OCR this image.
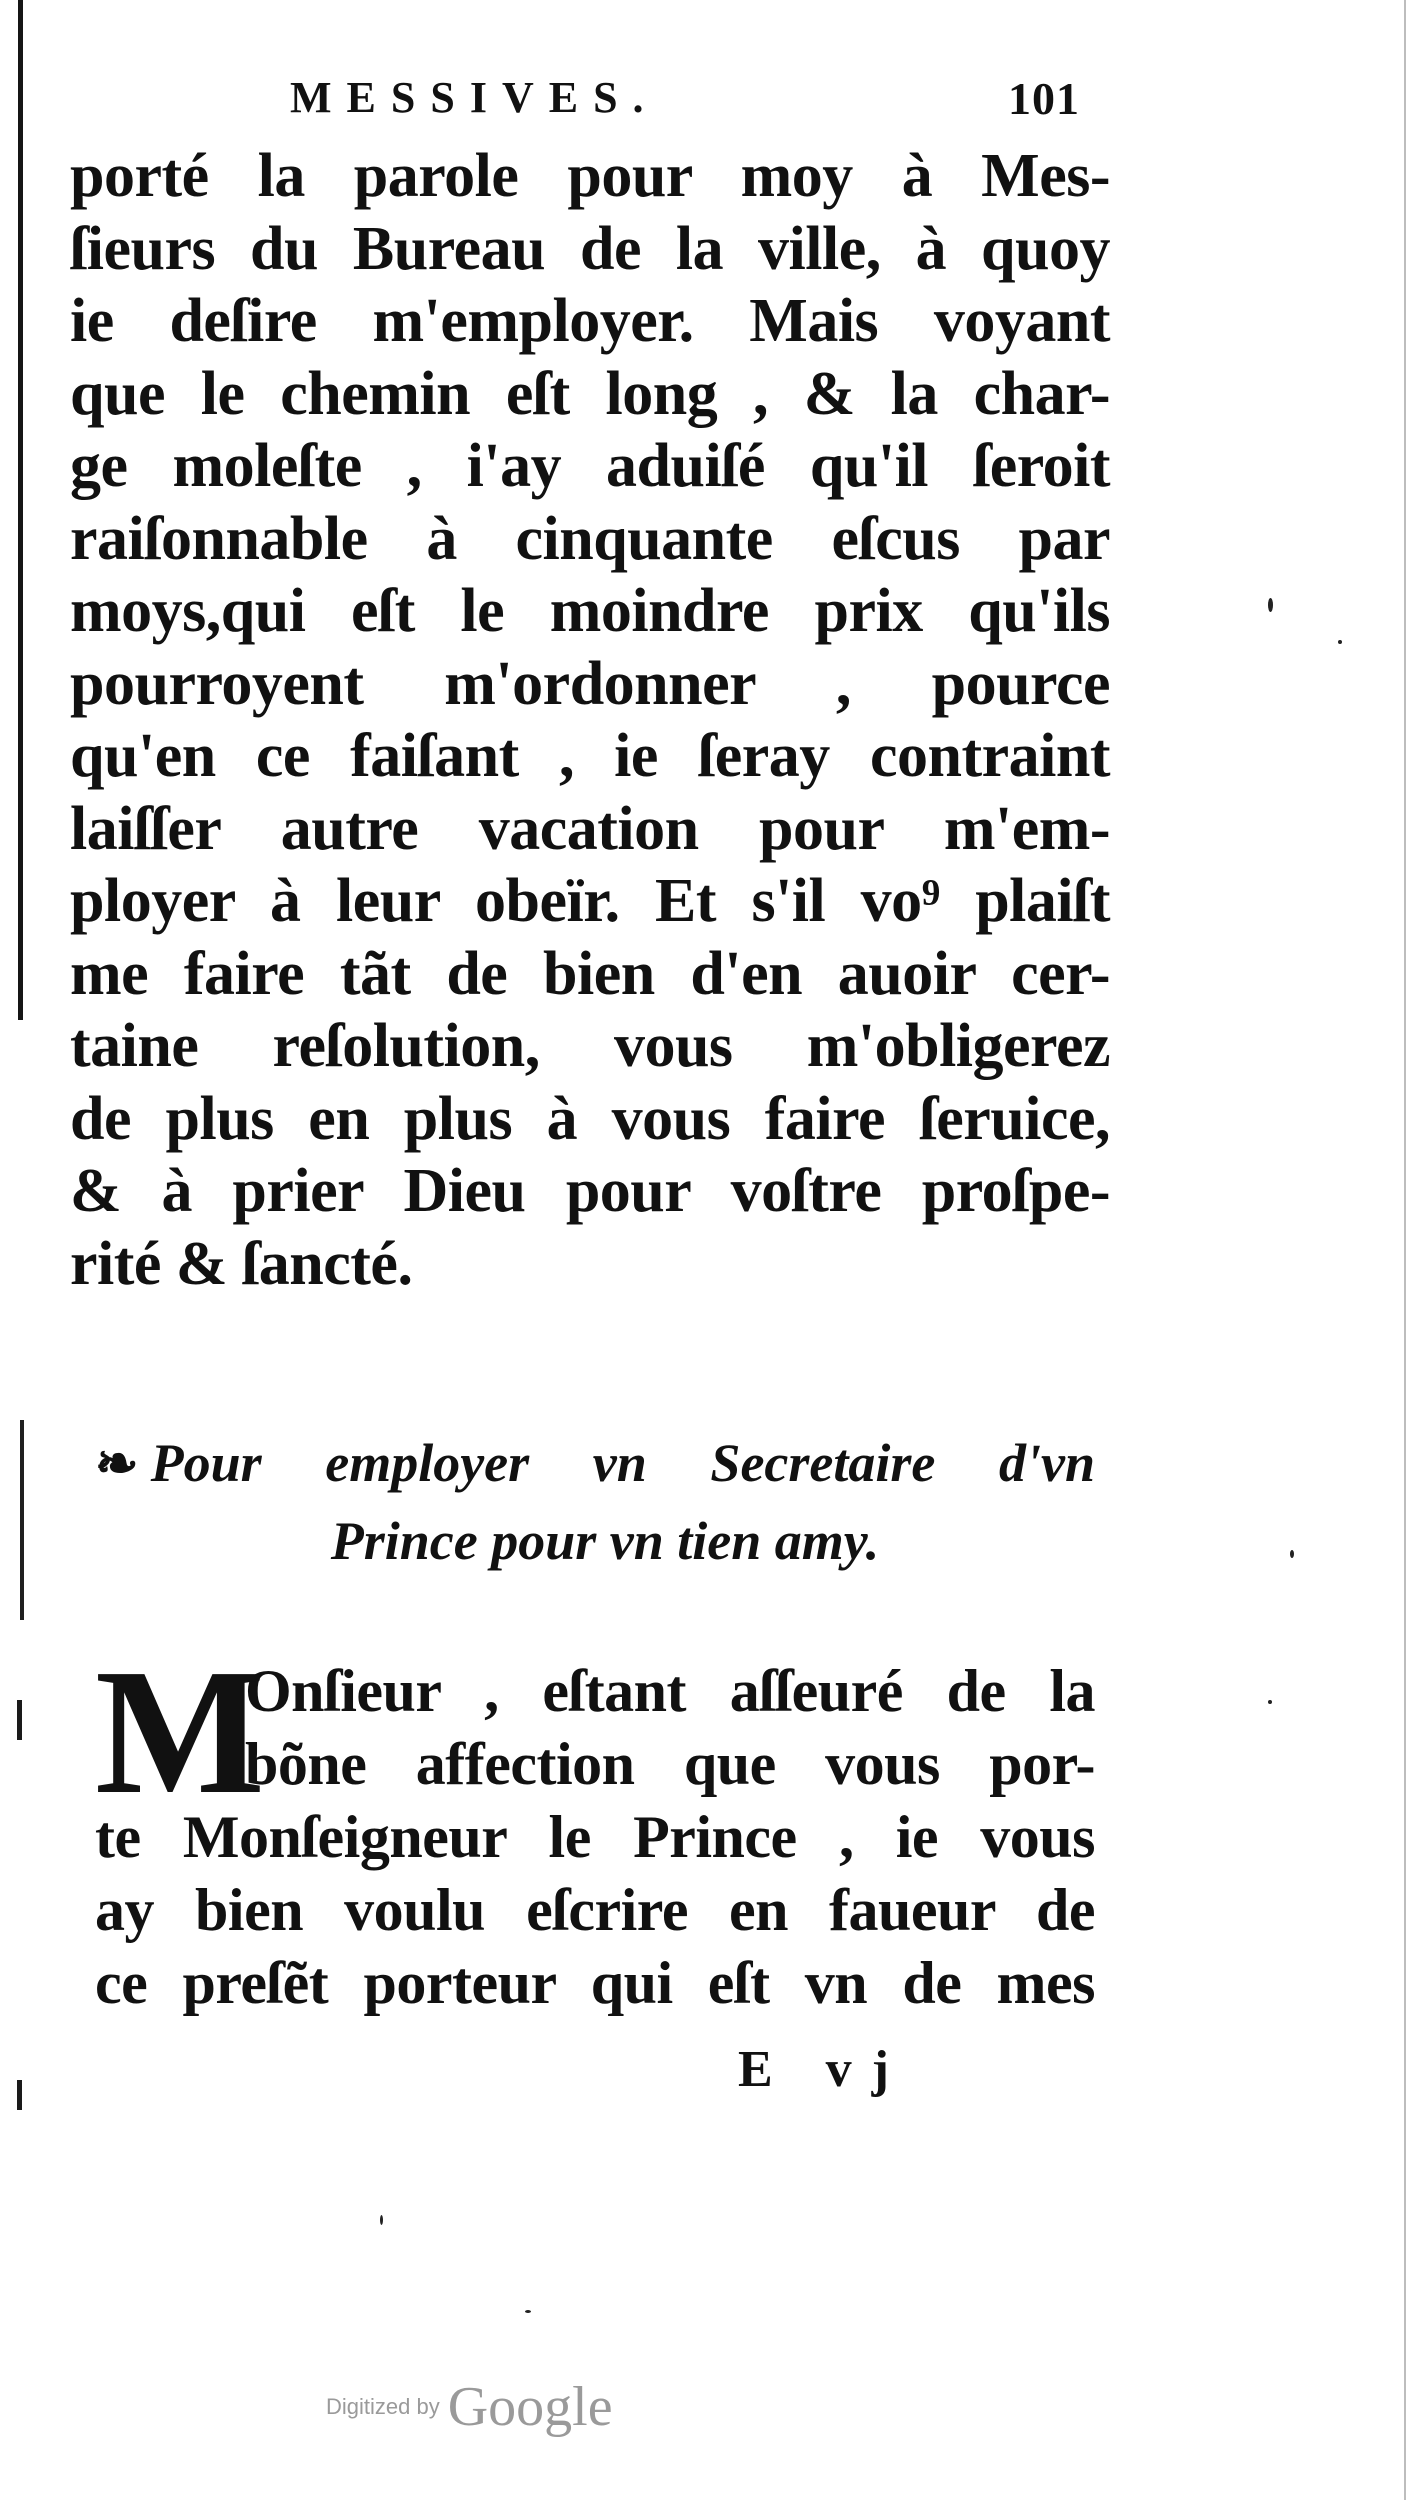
MESSIVES.	101
porté la parole pour moy à Mes-
ſieurs du Bureau de la ville, à quoy
ie deſire m'employer. Mais voyant
que le chemin eſt long , & la char-
ge moleſte , i'ay aduiſé qu'il ſeroit
raiſonnable à cinquante eſcus par
moys,qui eſt le moindre prix qu'ils
pourroyent m'ordonner , pource
qu'en ce faiſant , ie ſeray contraint
laiſſer autre vacation pour m'em-
ployer à leur obeïr. Et s'il vo⁹ plaiſt
me faire tãt de bien d'en auoir cer-
taine reſolution, vous m'obligerez
de plus en plus à vous faire ſeruice,
& à prier Dieu pour voſtre proſpe-
rité & ſancté.
❧ Pour employer vn Secretaire d'vn
Prince pour vn tien amy.
M
Onſieur , eſtant aſſeuré de la
bõne affection que vous por-
te Monſeigneur le Prince , ie vous
ay bien voulu eſcrire en faueur de
ce preſẽt porteur qui eſt vn de mes
E vj
Digitized by Google
